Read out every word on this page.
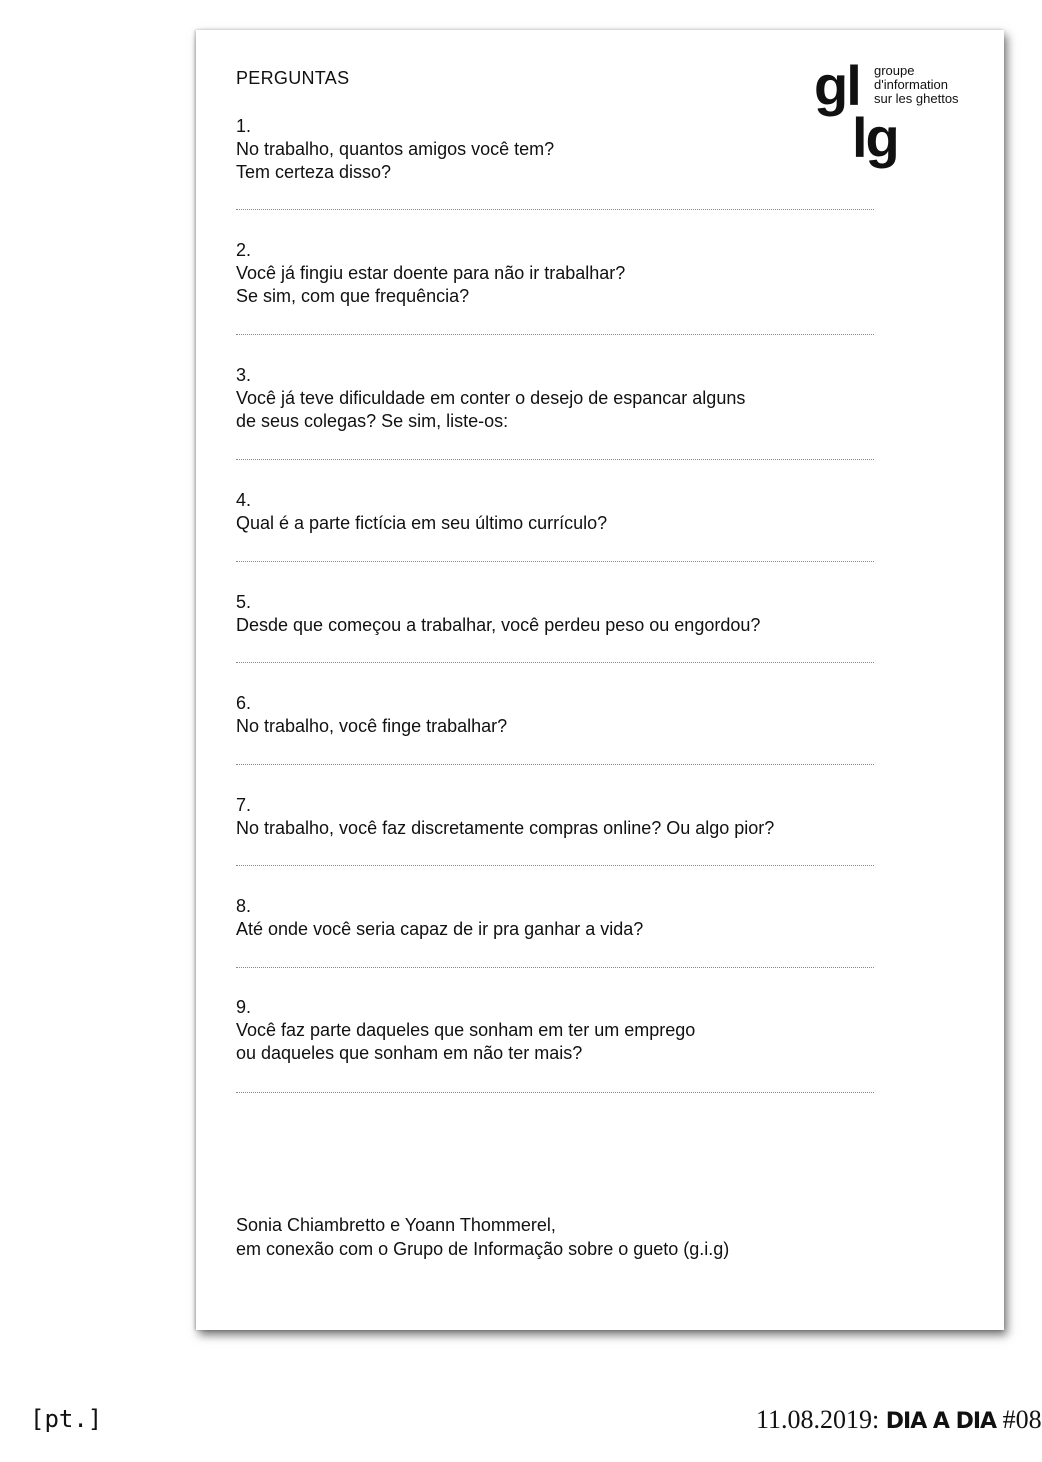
PERGUNTAS	gl
lg
groupe
d'information
sur les ghettos
1.
No trabalho, quantos amigos você tem?
Tem certeza disso?
2.
Você já fingiu estar doente para não ir trabalhar?
Se sim, com que frequência?
3.
Você já teve dificuldade em conter o desejo de espancar alguns
de seus colegas? Se sim, liste-os:
4.
Qual é a parte fictícia em seu último currículo?
5.
Desde que começou a trabalhar, você perdeu peso ou engordou?
6.
No trabalho, você finge trabalhar?
7.
No trabalho, você faz discretamente compras online? Ou algo pior?
8.
Até onde você seria capaz de ir pra ganhar a vida?
9.
Você faz parte daqueles que sonham em ter um emprego
ou daqueles que sonham em não ter mais?
Sonia Chiambretto e Yoann Thommerel,
em conexão com o Grupo de Informação sobre o gueto (g.i.g)
[pt.]	11.08.2019: DIA A DIA #08
